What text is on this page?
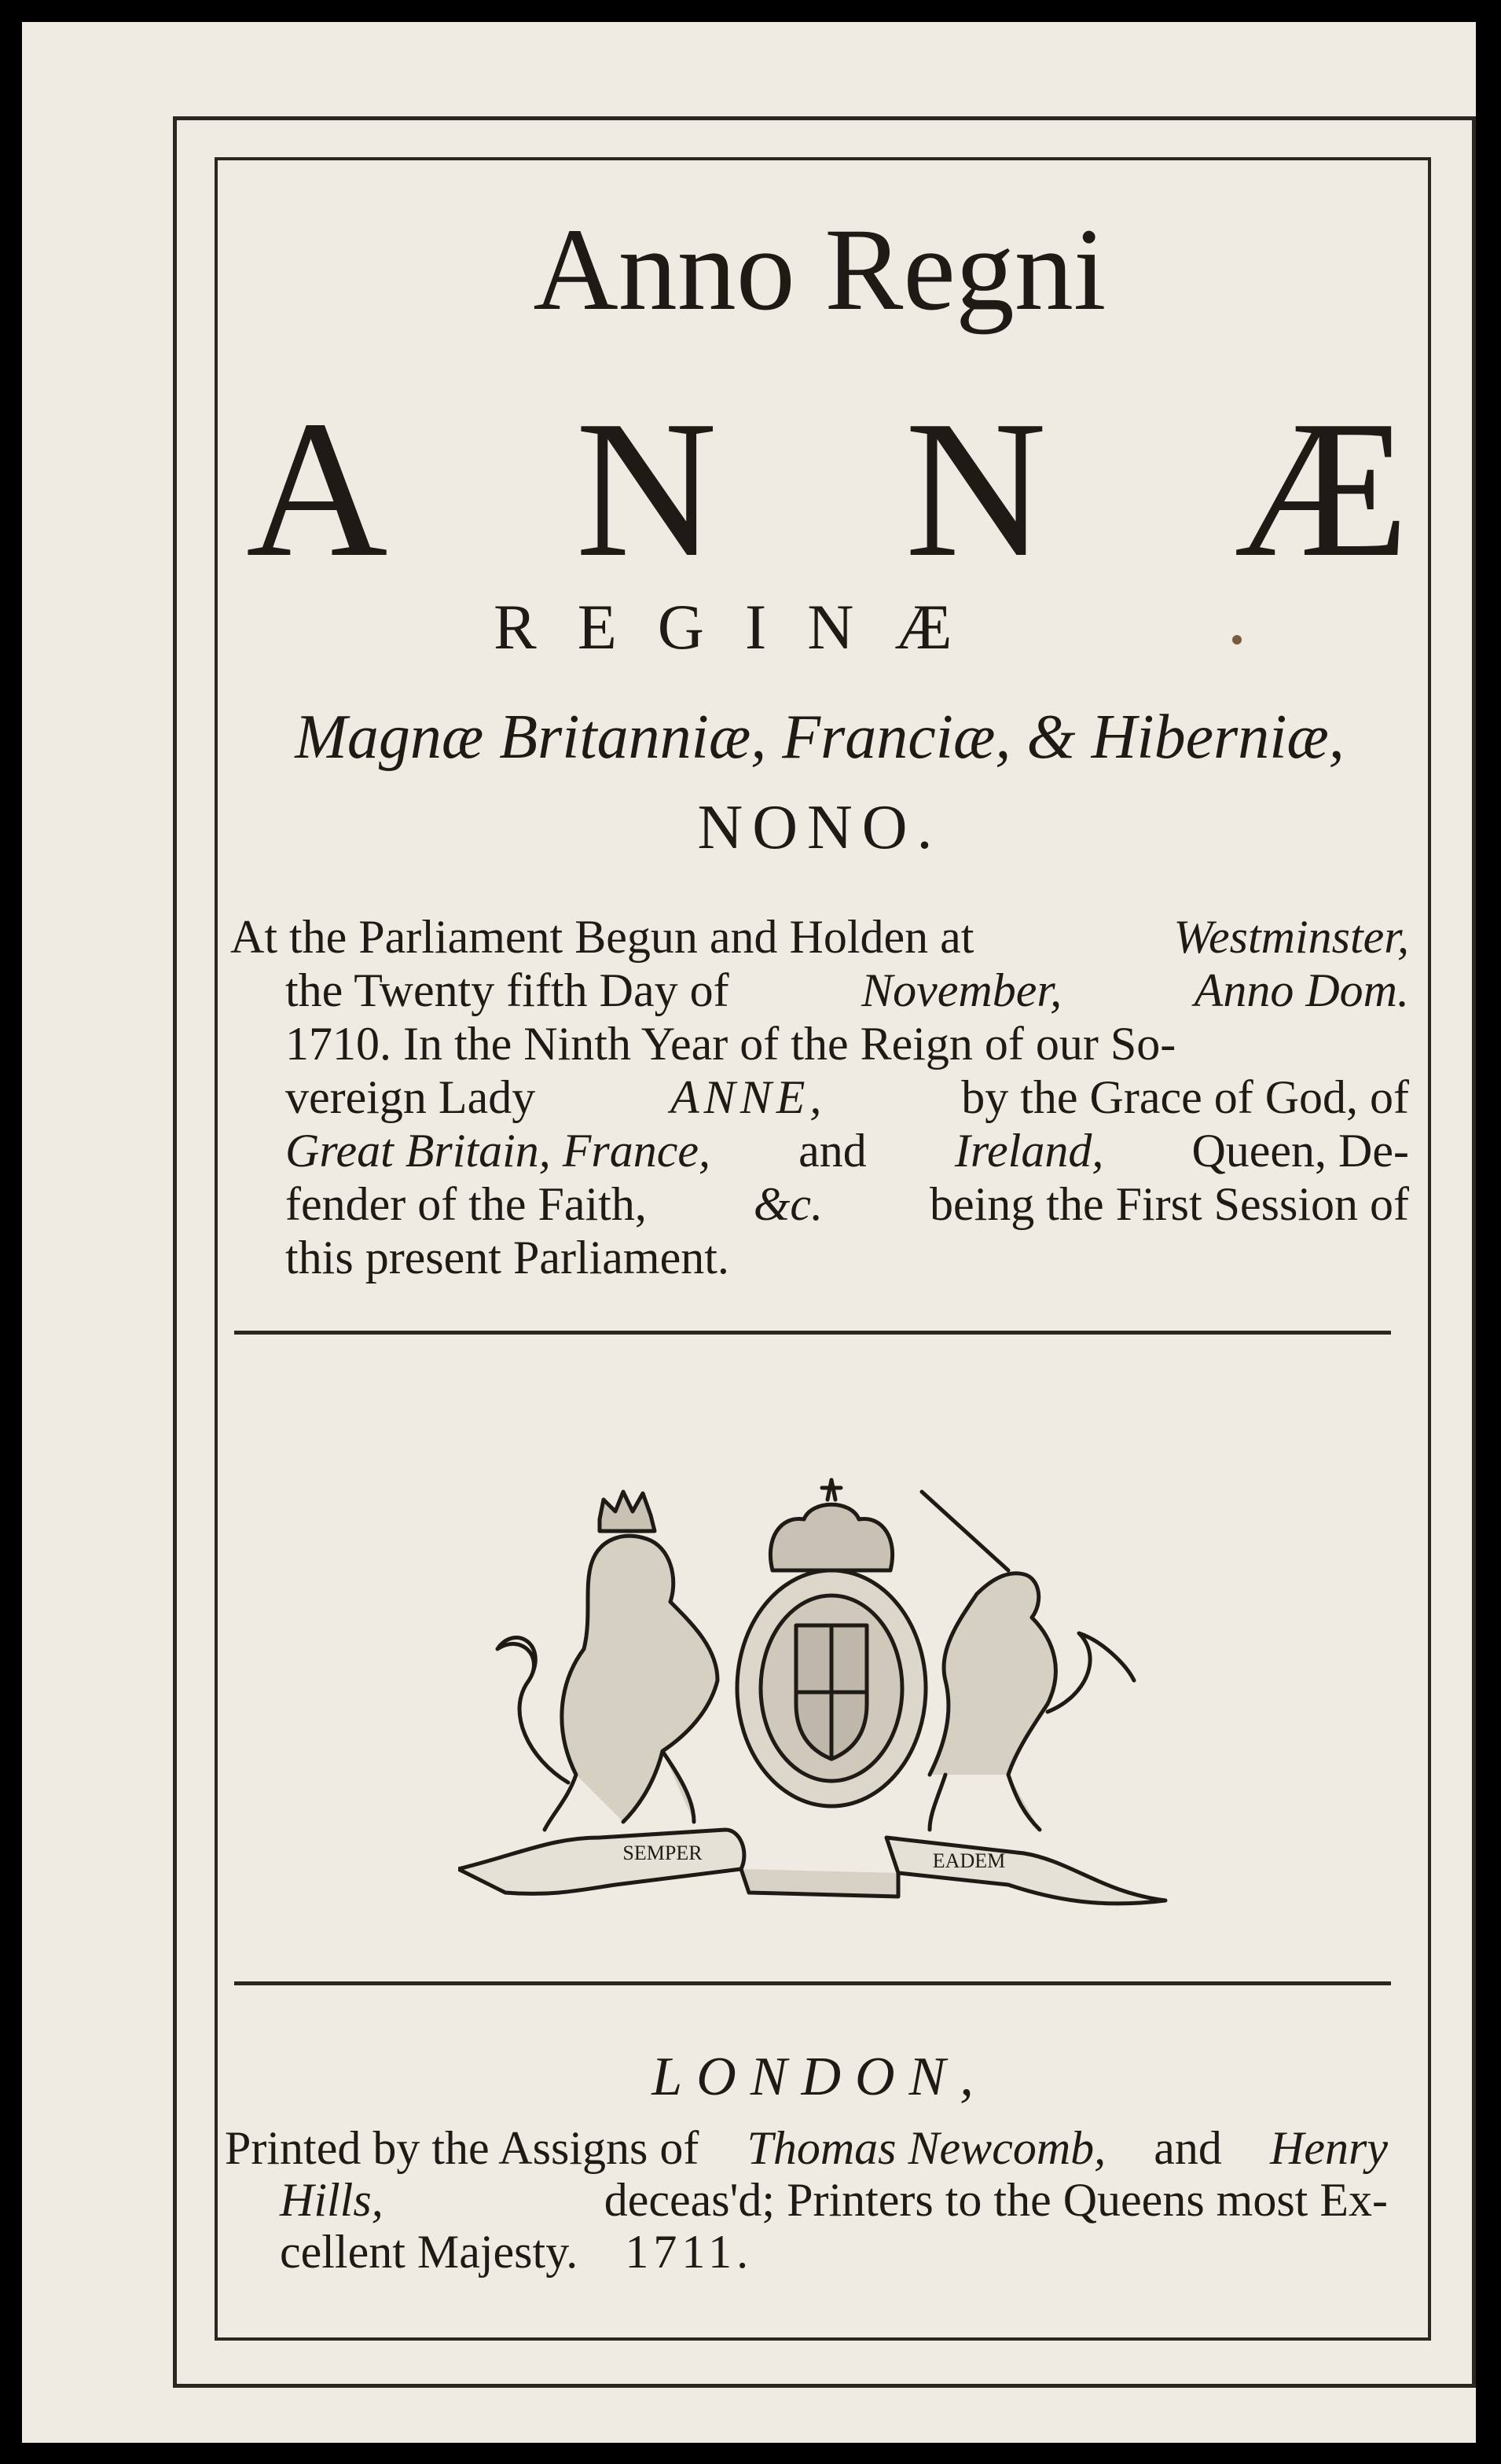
Anno Regni
A N N Æ
REGINÆ
Magnæ Britanniæ, Franciæ, & Hiberniæ,
NONO.
At the Parliament Begun and Holden at	Westminster,
the Twenty fifth Day of	November,	Anno Dom.
1710. In the Ninth Year of the Reign of our So-
vereign Lady	ANNE,	by the Grace of God, of
Great Britain, France, and Ireland, Queen, De-
fender of the Faith, &c. being the First Session of
this present Parliament.
SEMPER	EADEM
LONDON,
Printed by the Assigns of Thomas Newcomb, and Henry
Hills,	deceas'd; Printers to the Queens most Ex-
cellent Majesty. 1711.
